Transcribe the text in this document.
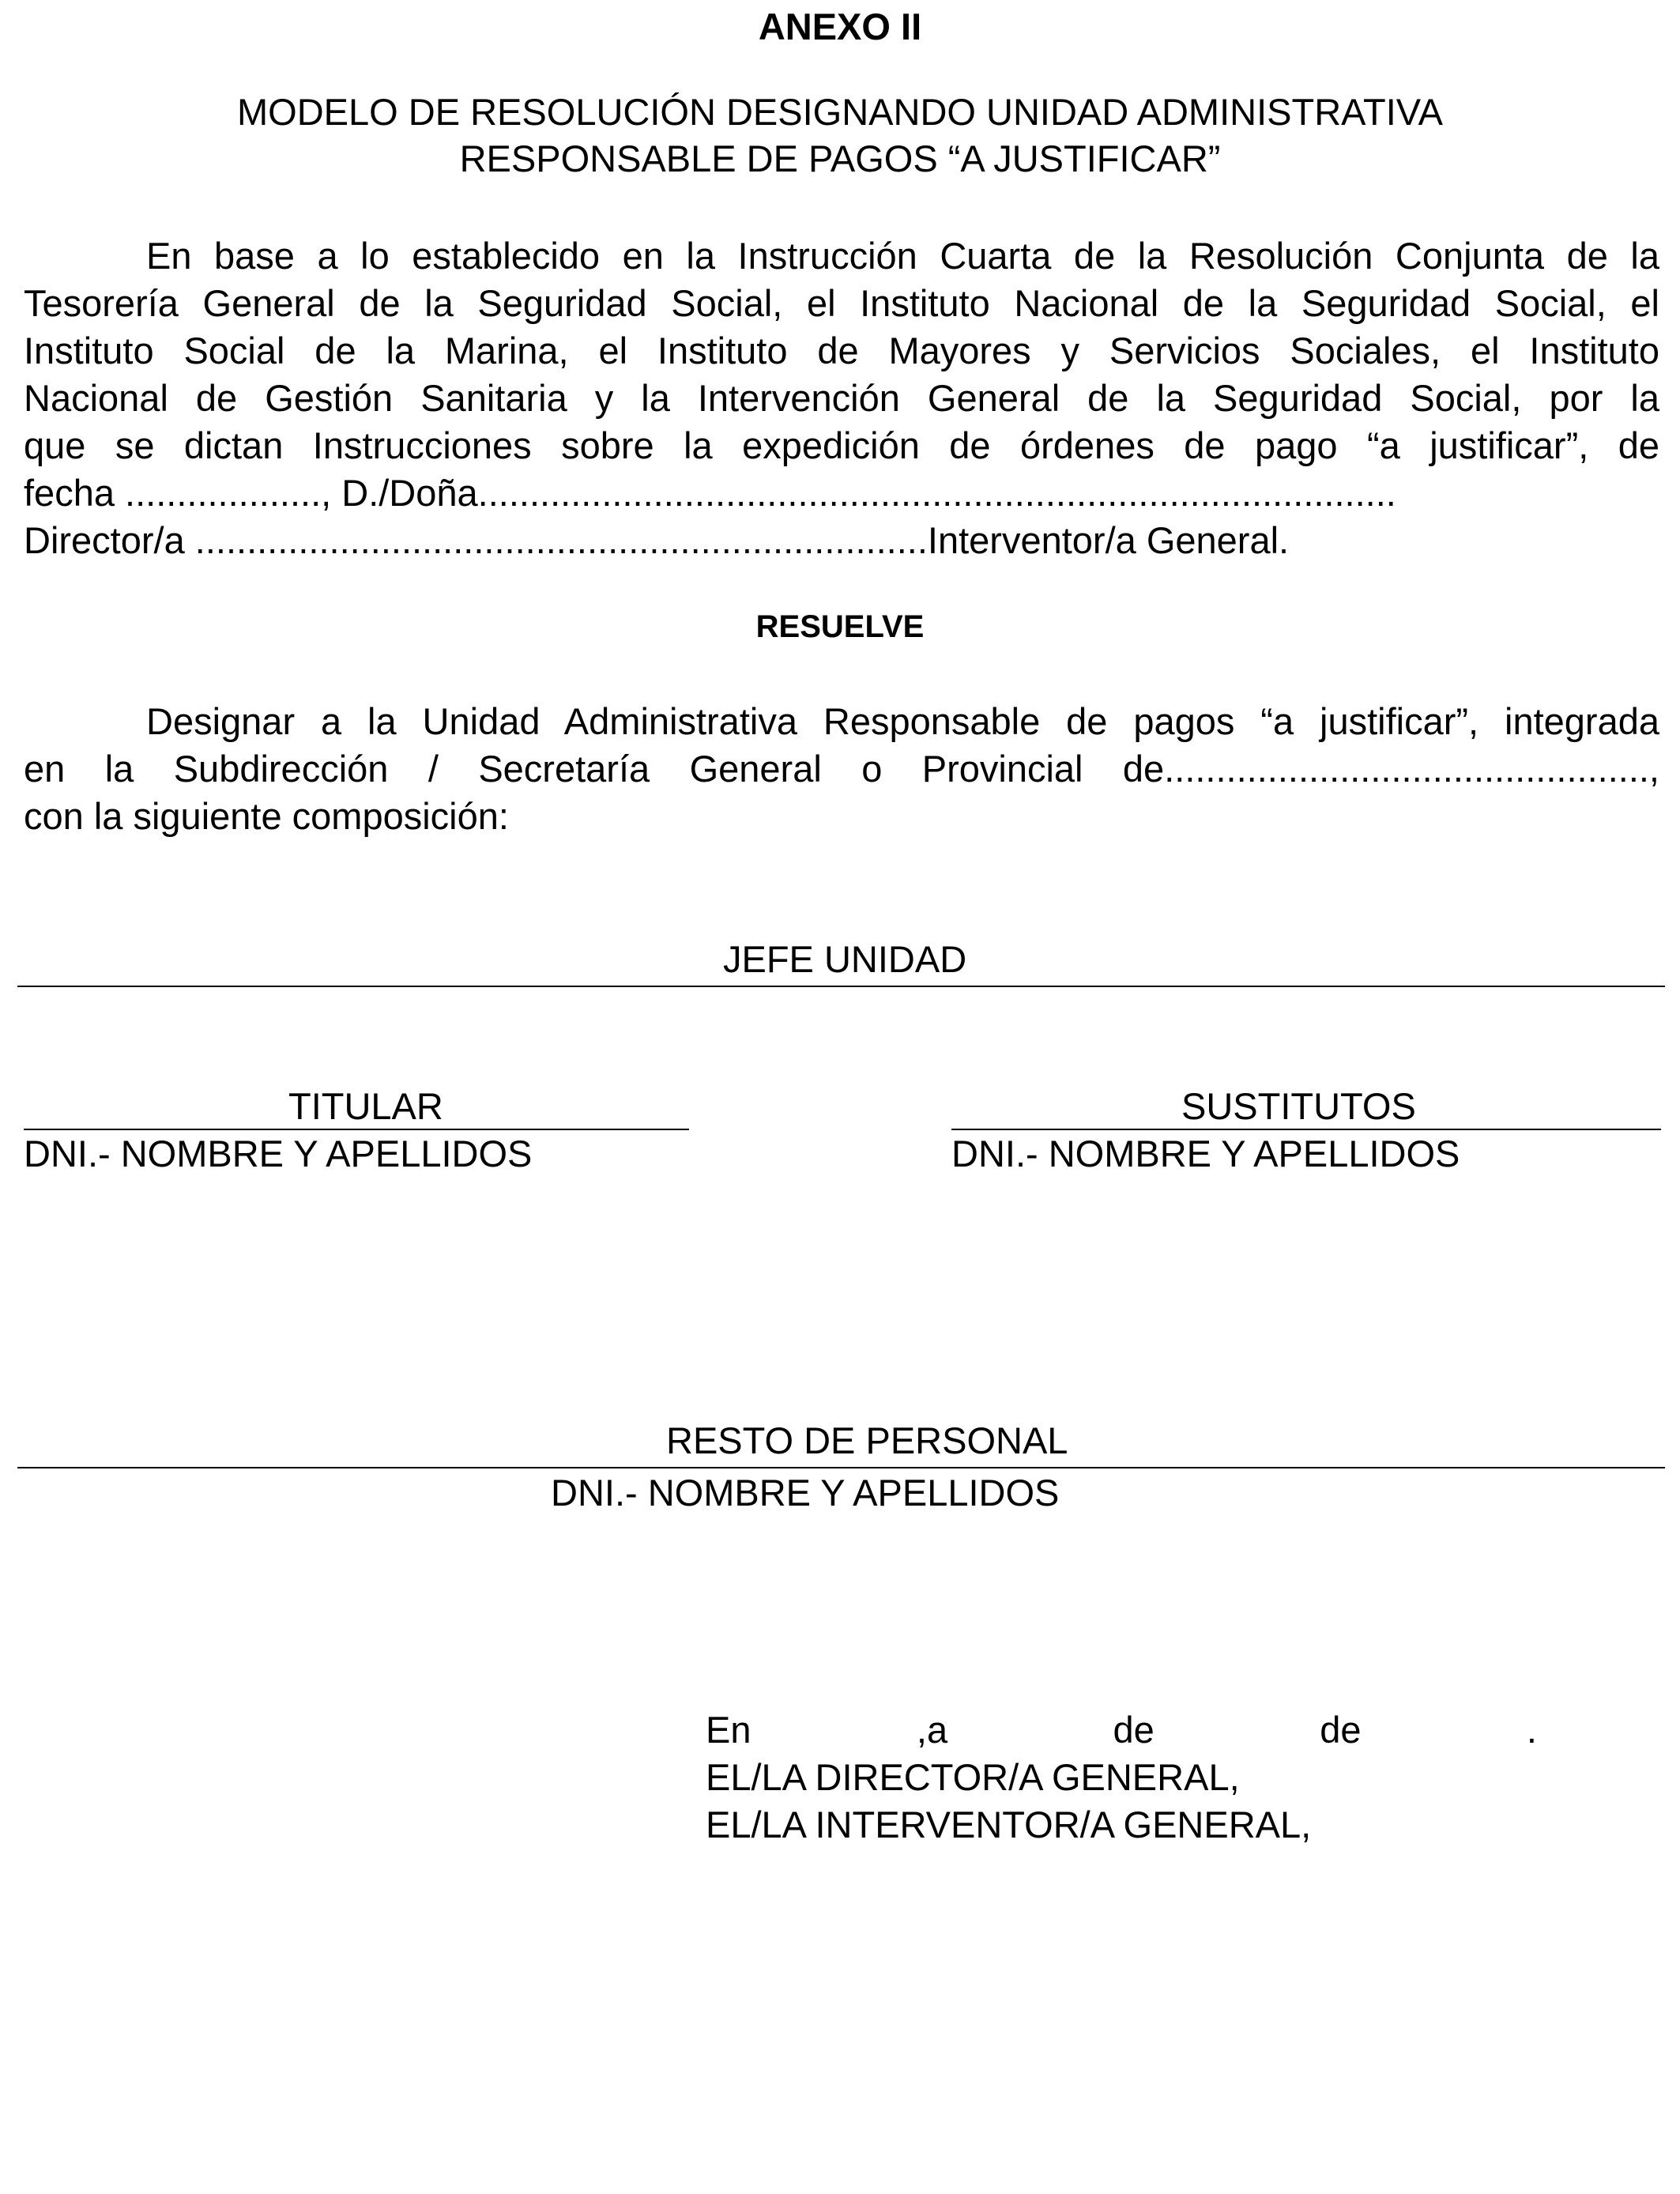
ANEXO II
MODELO DE RESOLUCIÓN DESIGNANDO UNIDAD ADMINISTRATIVA
RESPONSABLE DE PAGOS “A JUSTIFICAR”
En base a lo establecido en la Instrucción Cuarta de la Resolución Conjunta de la
Tesorería General de la Seguridad Social, el Instituto Nacional de la Seguridad Social, el
Instituto Social de la Marina, el Instituto de Mayores y Servicios Sociales, el Instituto
Nacional de Gestión Sanitaria y la Intervención General de la Seguridad Social, por la
que se dictan Instrucciones sobre la expedición de órdenes de pago “a justificar”, de
fecha ..................., D./Doña.........................................................................................
Director/a .......................................................................Interventor/a General.
RESUELVE
Designar a la Unidad Administrativa Responsable de pagos “a justificar”, integrada
en la Subdirección / Secretaría General o Provincial de...............................................,
con la siguiente composición:
JEFE UNIDAD
TITULAR
DNI.- NOMBRE Y APELLIDOS
SUSTITUTOS
DNI.- NOMBRE Y APELLIDOS
RESTO DE PERSONAL
DNI.- NOMBRE Y APELLIDOS
En	,a	de	de	.
EL/LA DIRECTOR/A GENERAL,
EL/LA INTERVENTOR/A GENERAL,
